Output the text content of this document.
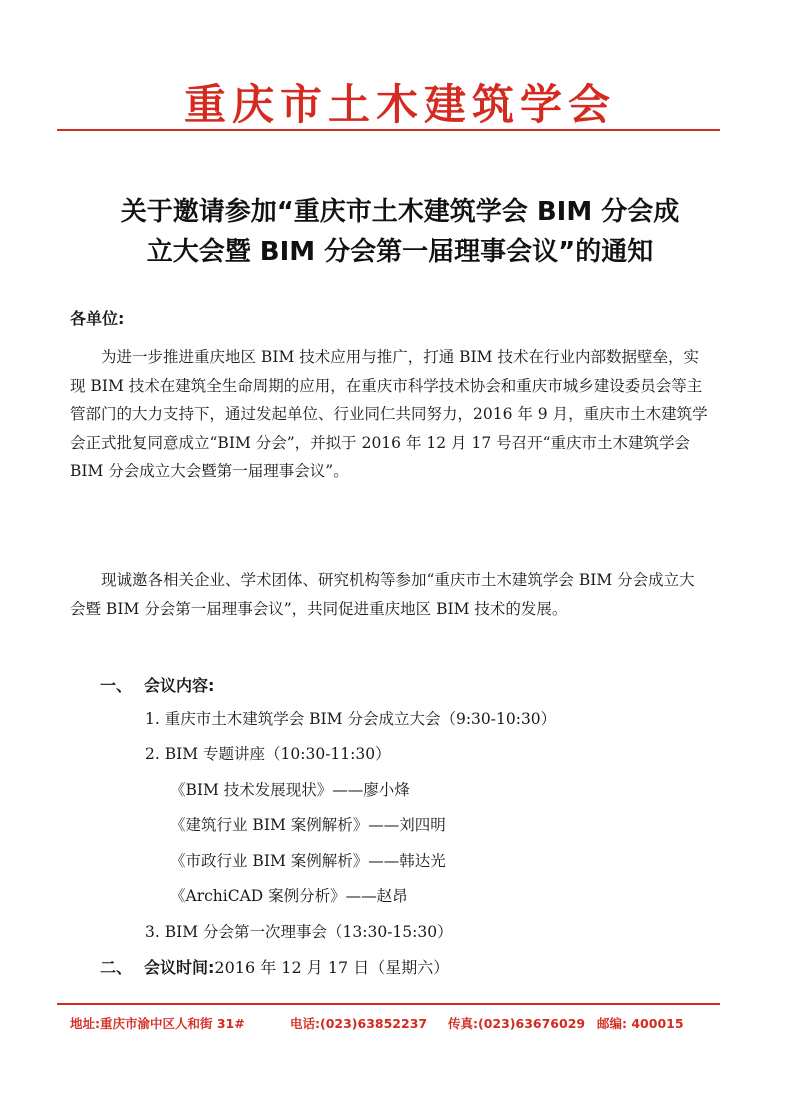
重庆市土木建筑学会
关于邀请参加“重庆市土木建筑学会 BIM 分会成
立大会暨 BIM 分会第一届理事会议”的通知
各单位:

为进一步推进重庆地区 BIM 技术应用与推广，打通 BIM 技术在行业内部数据壁垒，实现 BIM 技术在建筑全生命周期的应用，在重庆市科学技术协会和重庆市城乡建设委员会等主管部门的大力支持下，通过发起单位、行业同仁共同努力，2016 年 9 月，重庆市土木建筑学会正式批复同意成立“BIM 分会”，并拟于 2016 年 12 月 17 号召开“重庆市土木建筑学会 BIM 分会成立大会暨第一届理事会议”。

现诚邀各相关企业、学术团体、研究机构等参加“重庆市土木建筑学会 BIM 分会成立大会暨 BIM 分会第一届理事会议”，共同促进重庆地区 BIM 技术的发展。

一、 会议内容:
1. 重庆市土木建筑学会 BIM 分会成立大会（9:30-10:30）
2. BIM 专题讲座（10:30-11:30）
《BIM 技术发展现状》——廖小烽
《建筑行业 BIM 案例解析》——刘四明
《市政行业 BIM 案例解析》——韩达光
《ArchiCAD 案例分析》——赵昂
3. BIM 分会第一次理事会（13:30-15:30）
二、 会议时间:2016 年 12 月 17 日（星期六）
地址:重庆市渝中区人和街 31#	电话:(023)63852237 传真:(023)63676029 邮编: 400015
